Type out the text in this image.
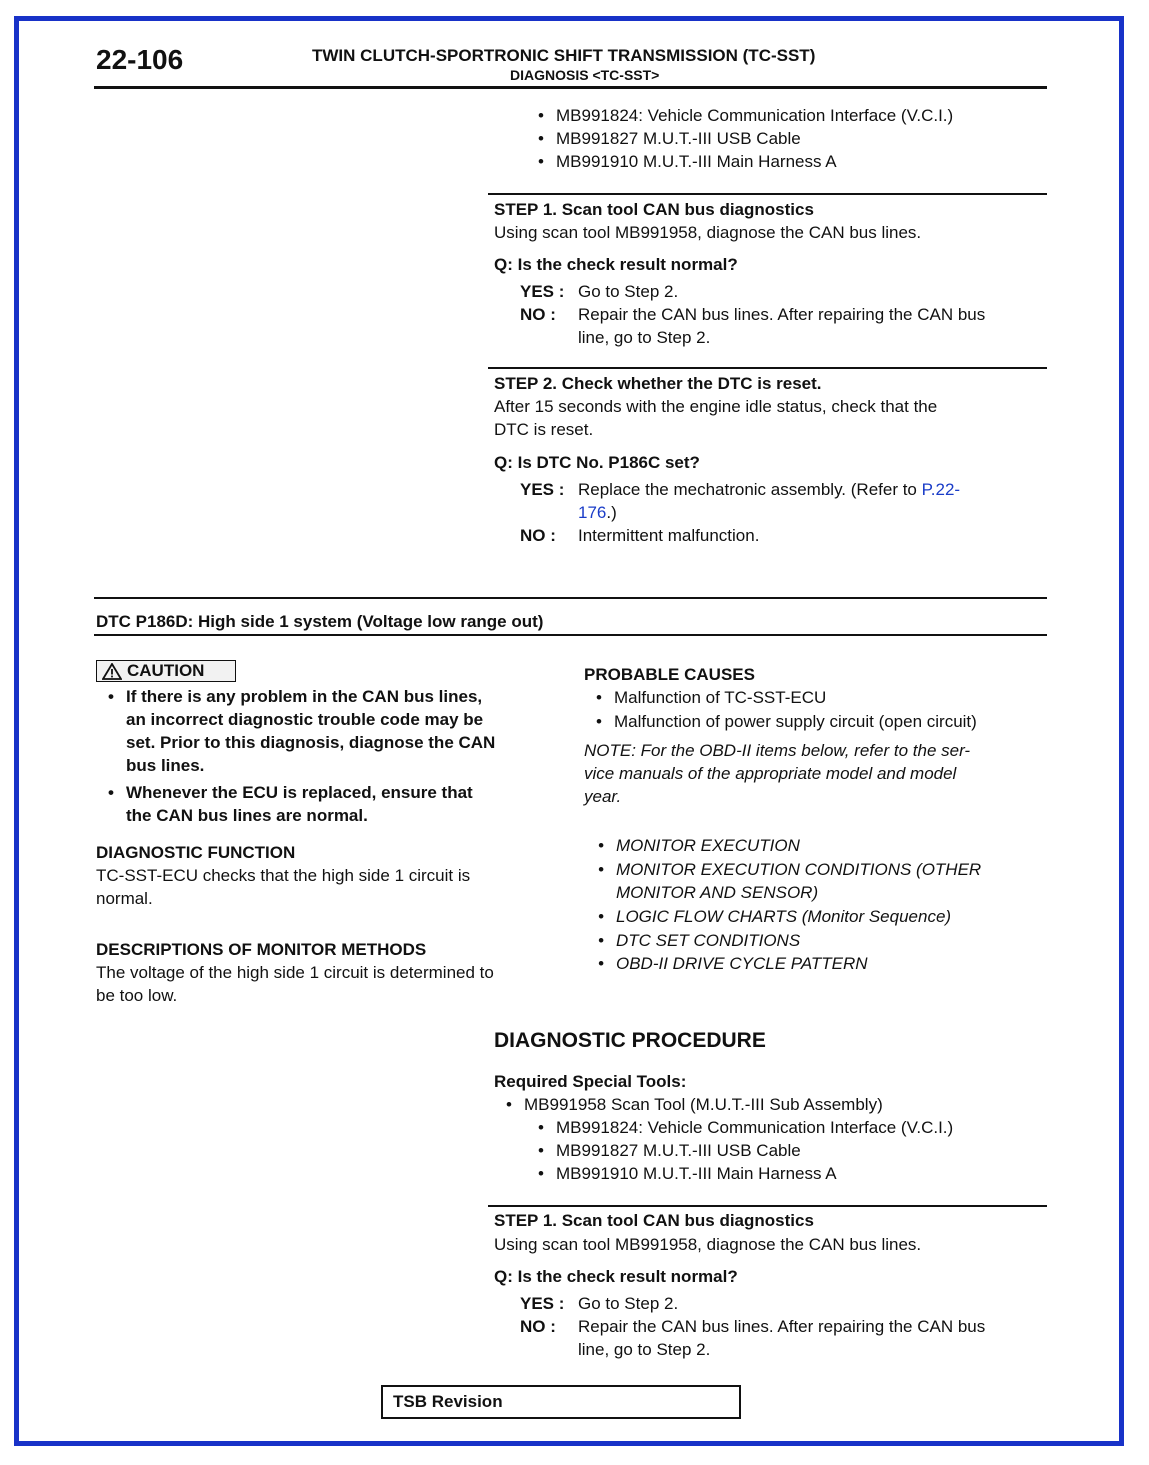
22-106	TWIN CLUTCH-SPORTRONIC SHIFT TRANSMISSION (TC-SST)
DIAGNOSIS <TC-SST>
• MB991824: Vehicle Communication Interface (V.C.I.)
• MB991827 M.U.T.-III USB Cable
• MB991910 M.U.T.-III Main Harness A
STEP 1. Scan tool CAN bus diagnostics
Using scan tool MB991958, diagnose the CAN bus lines.
Q: Is the check result normal?
YES : Go to Step 2.
NO : Repair the CAN bus lines. After repairing the CAN bus
line, go to Step 2.
STEP 2. Check whether the DTC is reset.
After 15 seconds with the engine idle status, check that the
DTC is reset.
Q: Is DTC No. P186C set?
YES : Replace the mechatronic assembly. (Refer to P.22-
176.)
NO : Intermittent malfunction.
DTC P186D: High side 1 system (Voltage low range out)
CAUTION
• If there is any problem in the CAN bus lines,
an incorrect diagnostic trouble code may be
set. Prior to this diagnosis, diagnose the CAN
bus lines.
• Whenever the ECU is replaced, ensure that
the CAN bus lines are normal.
DIAGNOSTIC FUNCTION
TC-SST-ECU checks that the high side 1 circuit is
normal.
DESCRIPTIONS OF MONITOR METHODS
The voltage of the high side 1 circuit is determined to
be too low.
PROBABLE CAUSES
• Malfunction of TC-SST-ECU
• Malfunction of power supply circuit (open circuit)
NOTE: For the OBD-II items below, refer to the ser-
vice manuals of the appropriate model and model
year.
• MONITOR EXECUTION
• MONITOR EXECUTION CONDITIONS (OTHER
MONITOR AND SENSOR)
• LOGIC FLOW CHARTS (Monitor Sequence)
• DTC SET CONDITIONS
• OBD-II DRIVE CYCLE PATTERN
DIAGNOSTIC PROCEDURE
Required Special Tools:
• MB991958 Scan Tool (M.U.T.-III Sub Assembly)
• MB991824: Vehicle Communication Interface (V.C.I.)
• MB991827 M.U.T.-III USB Cable
• MB991910 M.U.T.-III Main Harness A
STEP 1. Scan tool CAN bus diagnostics
Using scan tool MB991958, diagnose the CAN bus lines.
Q: Is the check result normal?
YES : Go to Step 2.
NO : Repair the CAN bus lines. After repairing the CAN bus
line, go to Step 2.
TSB Revision
